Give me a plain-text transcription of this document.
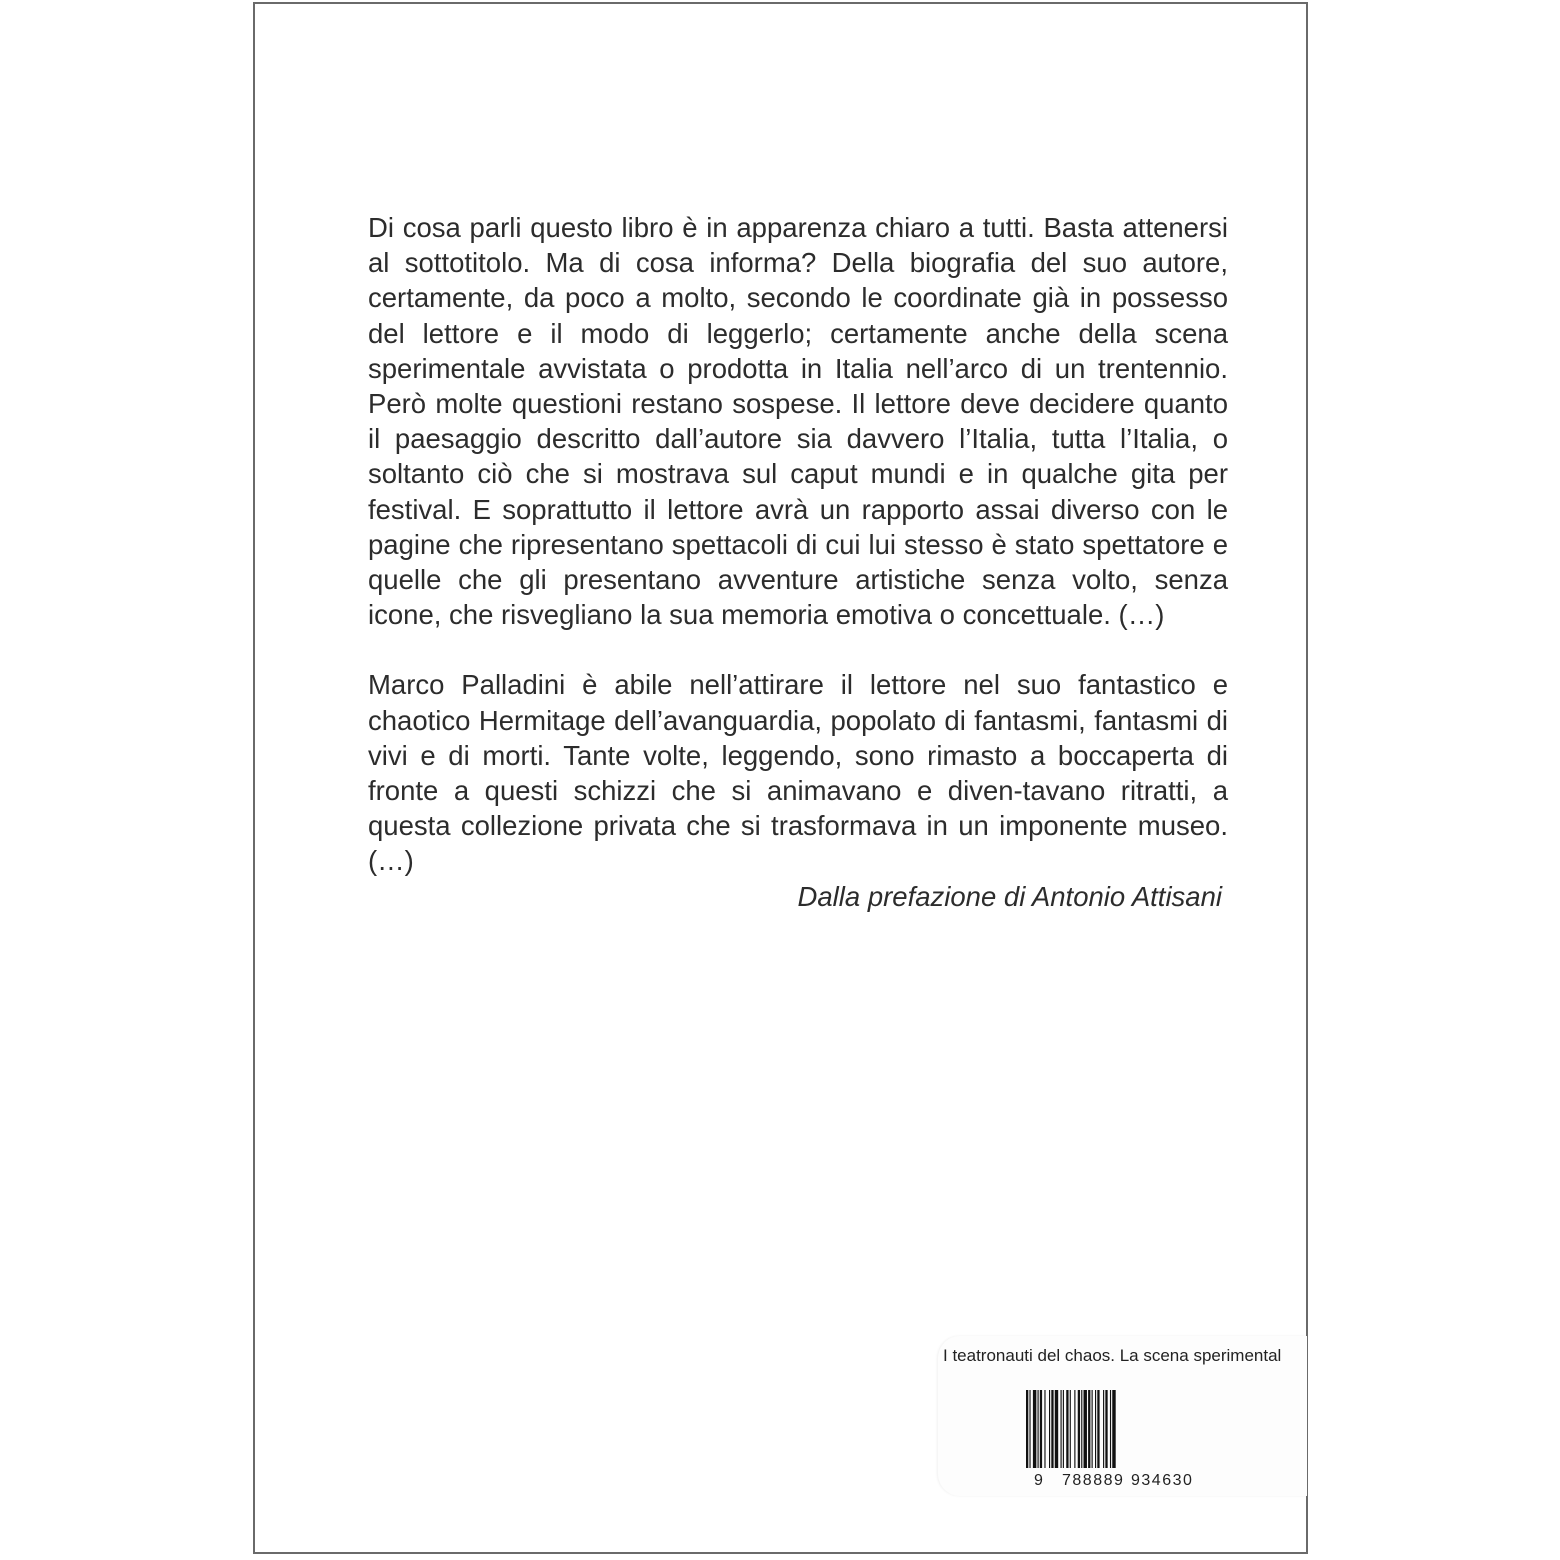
Di cosa parli questo libro è in apparenza chiaro a tutti. Basta attenersi al sottotitolo. Ma di cosa informa? Della biografia del suo autore, certamente, da poco a molto, secondo le coordinate già in possesso del lettore e il modo di leggerlo; certamente anche della scena sperimentale avvistata o prodotta in Italia nell’arco di un trentennio. Però molte questioni restano sospese. Il lettore deve decidere quanto il paesaggio descritto dall’autore sia davvero l’Italia, tutta l’Italia, o soltanto ciò che si mostrava sul caput mundi e in qualche gita per festival. E soprattutto il lettore avrà un rapporto assai diverso con le pagine che ripresentano spettacoli di cui lui stesso è stato spettatore e quelle che gli presentano avventure artistiche senza volto, senza icone, che risvegliano la sua memoria emotiva o concettuale. (…)

Marco Palladini è abile nell’attirare il lettore nel suo fantastico e chaotico Hermitage dell’avanguardia, popolato di fantasmi, fantasmi di vivi e di morti. Tante volte, leggendo, sono rimasto a boccaperta di fronte a questi schizzi che si animavano e diven-tavano ritratti, a questa collezione privata che si trasformava in un imponente museo. (…)

Dalla prefazione di Antonio Attisani

I teatronauti del chaos. La scena sperimental
9 788889 934630
